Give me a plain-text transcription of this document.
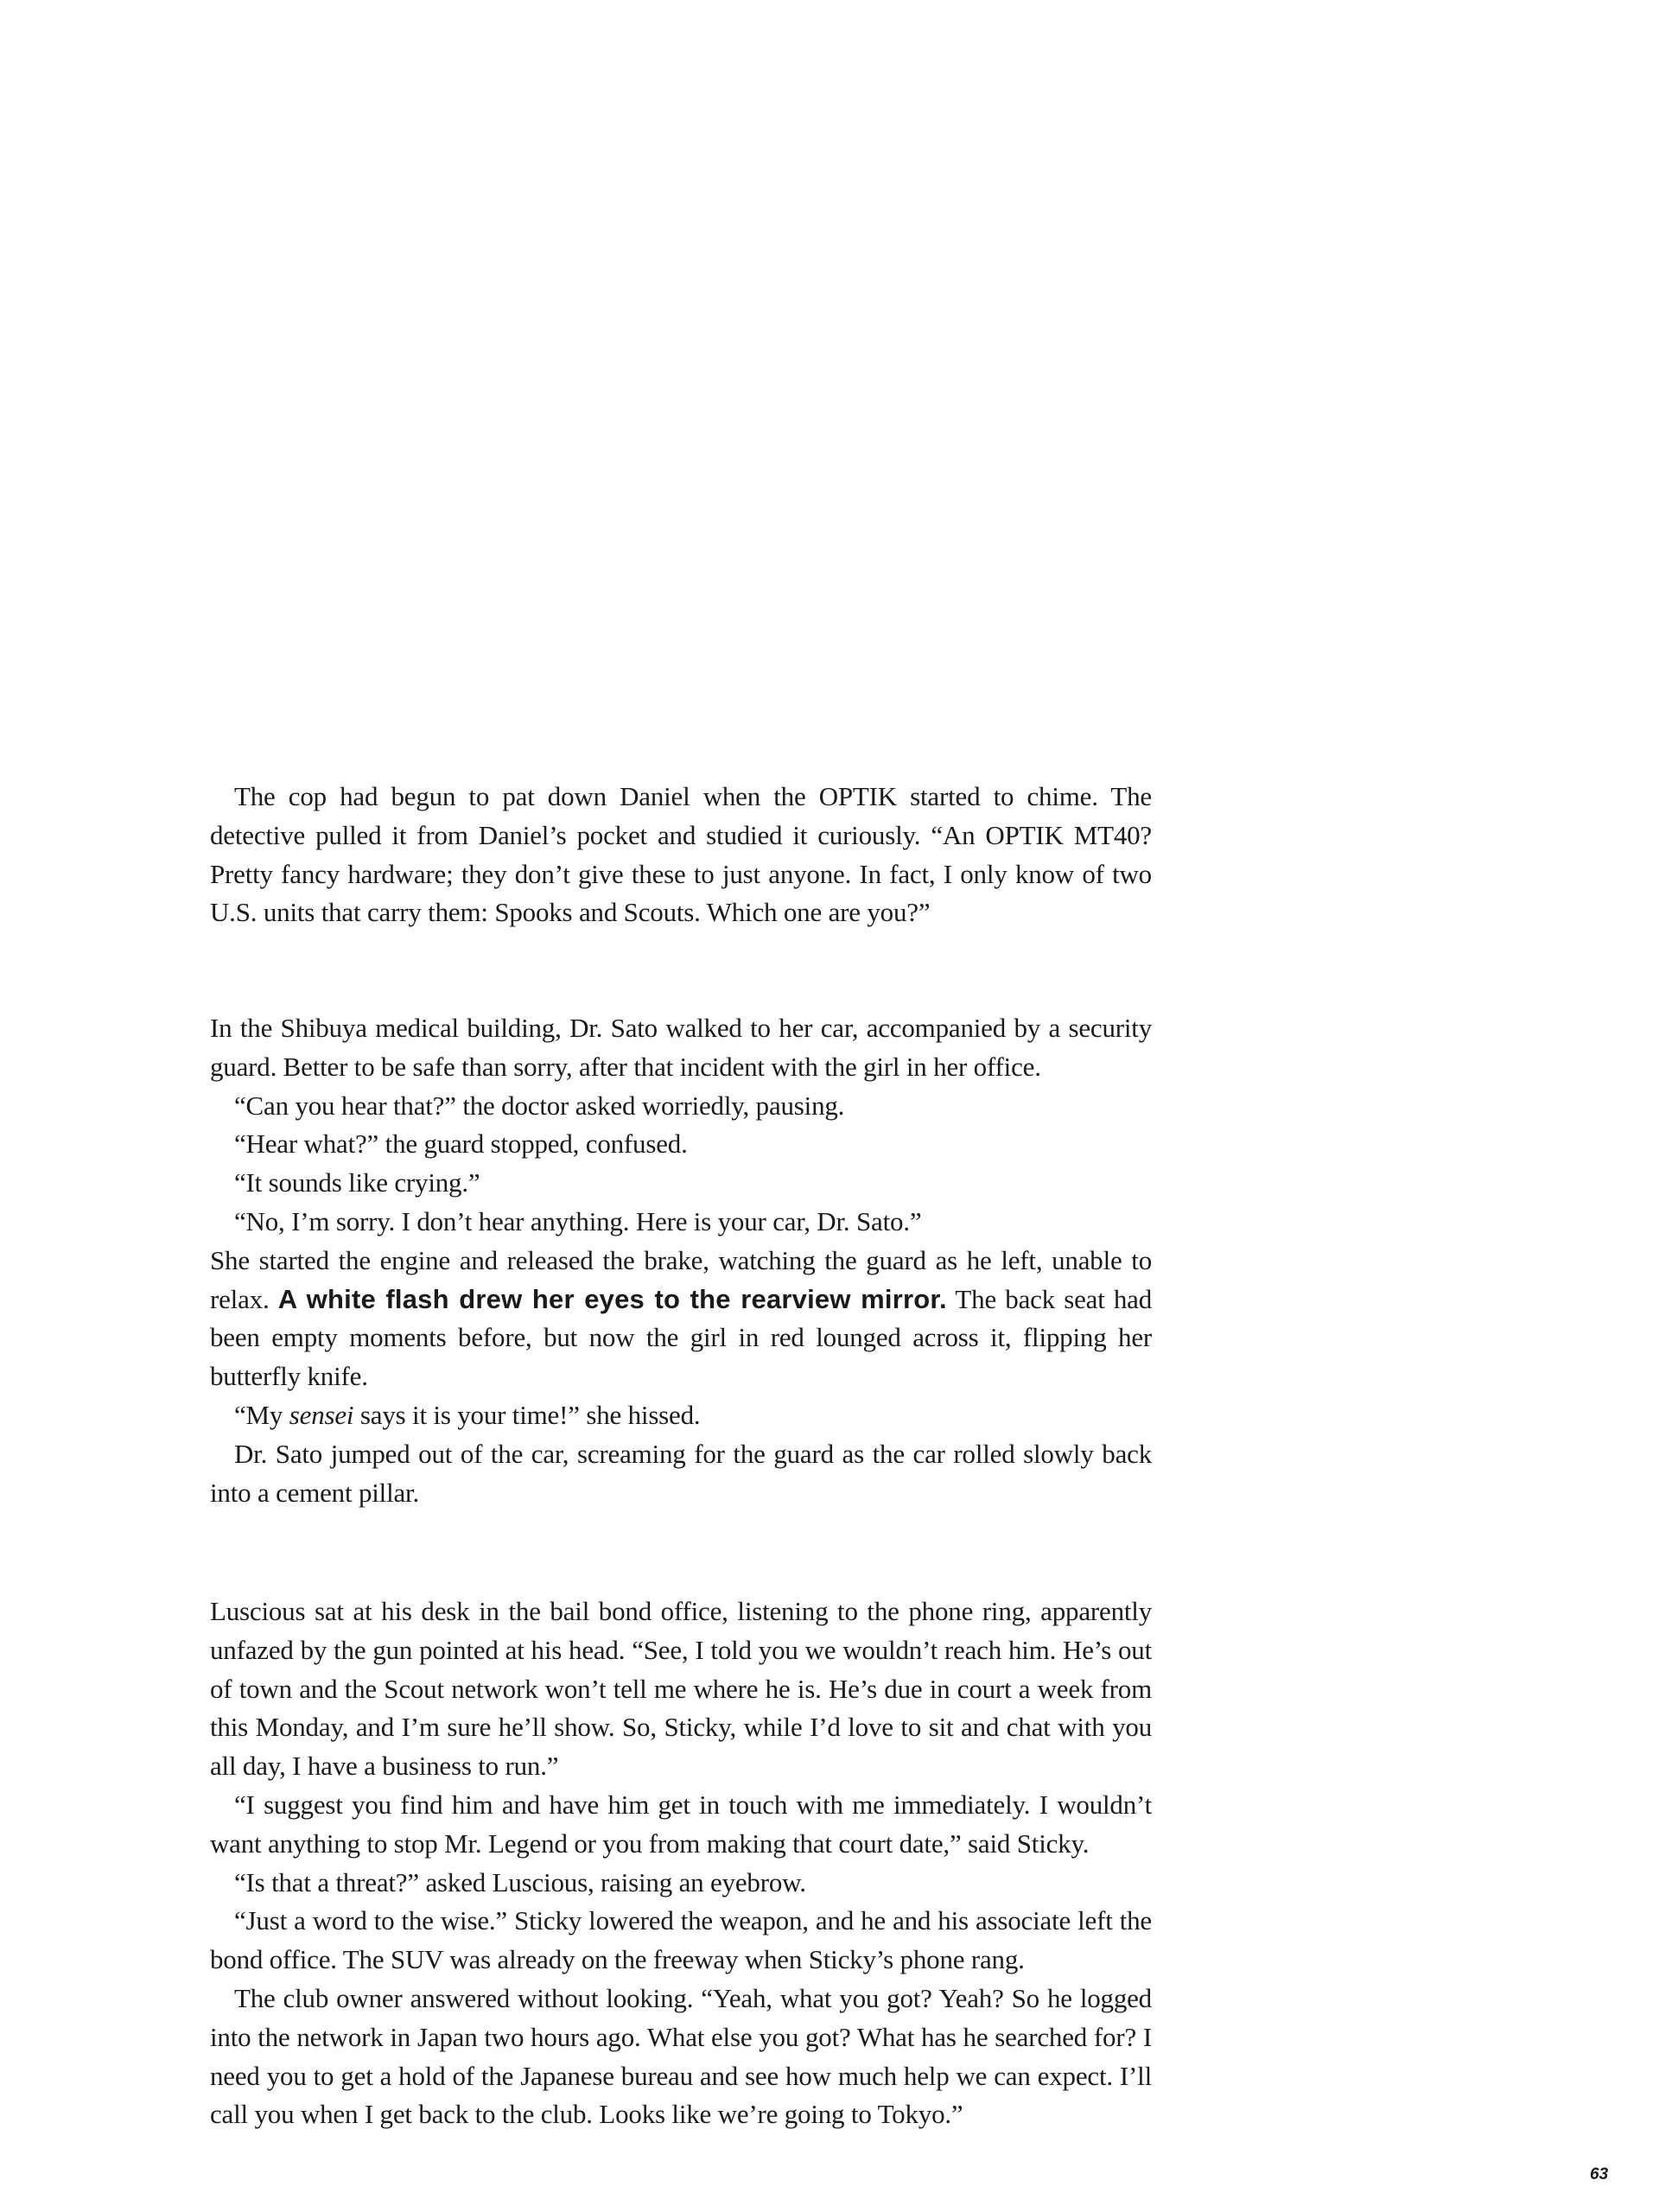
The cop had begun to pat down Daniel when the OPTIK started to chime. The detective pulled it from Daniel’s pocket and studied it curiously. “An OPTIK MT40? Pretty fancy hardware; they don’t give these to just anyone. In fact, I only know of two U.S. units that carry them: Spooks and Scouts. Which one are you?”

In the Shibuya medical building, Dr. Sato walked to her car, accompanied by a security guard. Better to be safe than sorry, after that incident with the girl in her office.

“Can you hear that?” the doctor asked worriedly, pausing.

“Hear what?” the guard stopped, confused.

“It sounds like crying.”

“No, I’m sorry. I don’t hear anything. Here is your car, Dr. Sato.”

She started the engine and released the brake, watching the guard as he left, unable to relax. A white flash drew her eyes to the rearview mirror. The back seat had been empty moments before, but now the girl in red lounged across it, flipping her butterfly knife.

“My sensei says it is your time!” she hissed.

Dr. Sato jumped out of the car, screaming for the guard as the car rolled slowly back into a cement pillar.

Luscious sat at his desk in the bail bond office, listening to the phone ring, apparently unfazed by the gun pointed at his head. “See, I told you we wouldn’t reach him. He’s out of town and the Scout network won’t tell me where he is. He’s due in court a week from this Monday, and I’m sure he’ll show. So, Sticky, while I’d love to sit and chat with you all day, I have a business to run.”

“I suggest you find him and have him get in touch with me immediately. I wouldn’t want anything to stop Mr. Legend or you from making that court date,” said Sticky.

“Is that a threat?” asked Luscious, raising an eyebrow.

“Just a word to the wise.” Sticky lowered the weapon, and he and his associate left the bond office. The SUV was already on the freeway when Sticky’s phone rang.

The club owner answered without looking. “Yeah, what you got? Yeah? So he logged into the network in Japan two hours ago. What else you got? What has he searched for? I need you to get a hold of the Japanese bureau and see how much help we can expect. I’ll call you when I get back to the club. Looks like we’re going to Tokyo.”

63
